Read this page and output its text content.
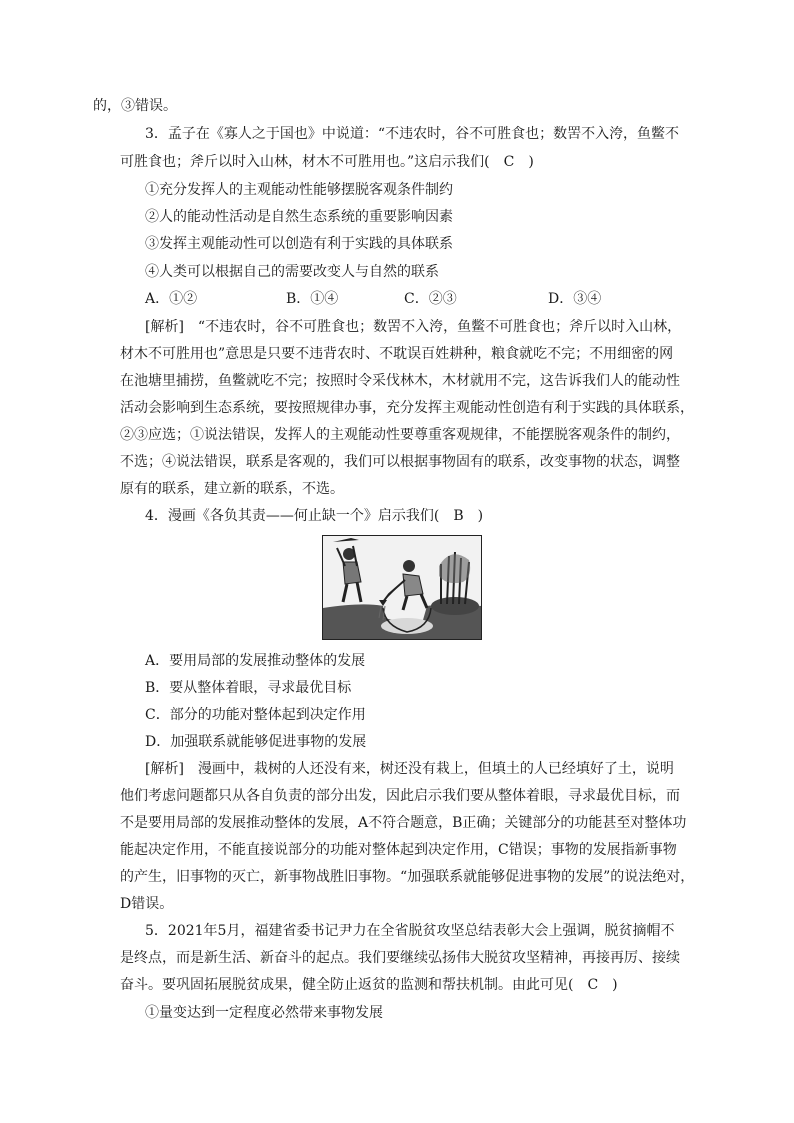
的，③错误。
3．孟子在《寡人之于国也》中说道：“不违农时，谷不可胜食也；数罟不入洿，鱼鳖不
可胜食也；斧斤以时入山林，材木不可胜用也。”这启示我们(　C　)
①充分发挥人的主观能动性能够摆脱客观条件制约
②人的能动性活动是自然生态系统的重要影响因素
③发挥主观能动性可以创造有利于实践的具体联系
④人类可以根据自己的需要改变人与自然的联系
A．①②	B．①④	C．②③	D．③④
[解析]　“不违农时，谷不可胜食也；数罟不入洿，鱼鳖不可胜食也；斧斤以时入山林，
材木不可胜用也”意思是只要不违背农时、不耽误百姓耕种，粮食就吃不完；不用细密的网
在池塘里捕捞，鱼鳖就吃不完；按照时令采伐林木，木材就用不完，这告诉我们人的能动性
活动会影响到生态系统，要按照规律办事，充分发挥主观能动性创造有利于实践的具体联系，
②③应选；①说法错误，发挥人的主观能动性要尊重客观规律，不能摆脱客观条件的制约，
不选；④说法错误，联系是客观的，我们可以根据事物固有的联系，改变事物的状态，调整
原有的联系，建立新的联系，不选。
4．漫画《各负其责——何止缺一个》启示我们(　B　)
A．要用局部的发展推动整体的发展
B．要从整体着眼，寻求最优目标
C．部分的功能对整体起到决定作用
D．加强联系就能够促进事物的发展
[解析]　漫画中，栽树的人还没有来，树还没有栽上，但填土的人已经填好了土，说明
他们考虑问题都只从各自负责的部分出发，因此启示我们要从整体着眼，寻求最优目标，而
不是要用局部的发展推动整体的发展，A不符合题意，B正确；关键部分的功能甚至对整体功
能起决定作用，不能直接说部分的功能对整体起到决定作用，C错误；事物的发展指新事物
的产生，旧事物的灭亡，新事物战胜旧事物。“加强联系就能够促进事物的发展”的说法绝对，
D错误。
5．2021年5月，福建省委书记尹力在全省脱贫攻坚总结表彰大会上强调，脱贫摘帽不
是终点，而是新生活、新奋斗的起点。我们要继续弘扬伟大脱贫攻坚精神，再接再厉、接续
奋斗。要巩固拓展脱贫成果，健全防止返贫的监测和帮扶机制。由此可见(　C　)
①量变达到一定程度必然带来事物发展
